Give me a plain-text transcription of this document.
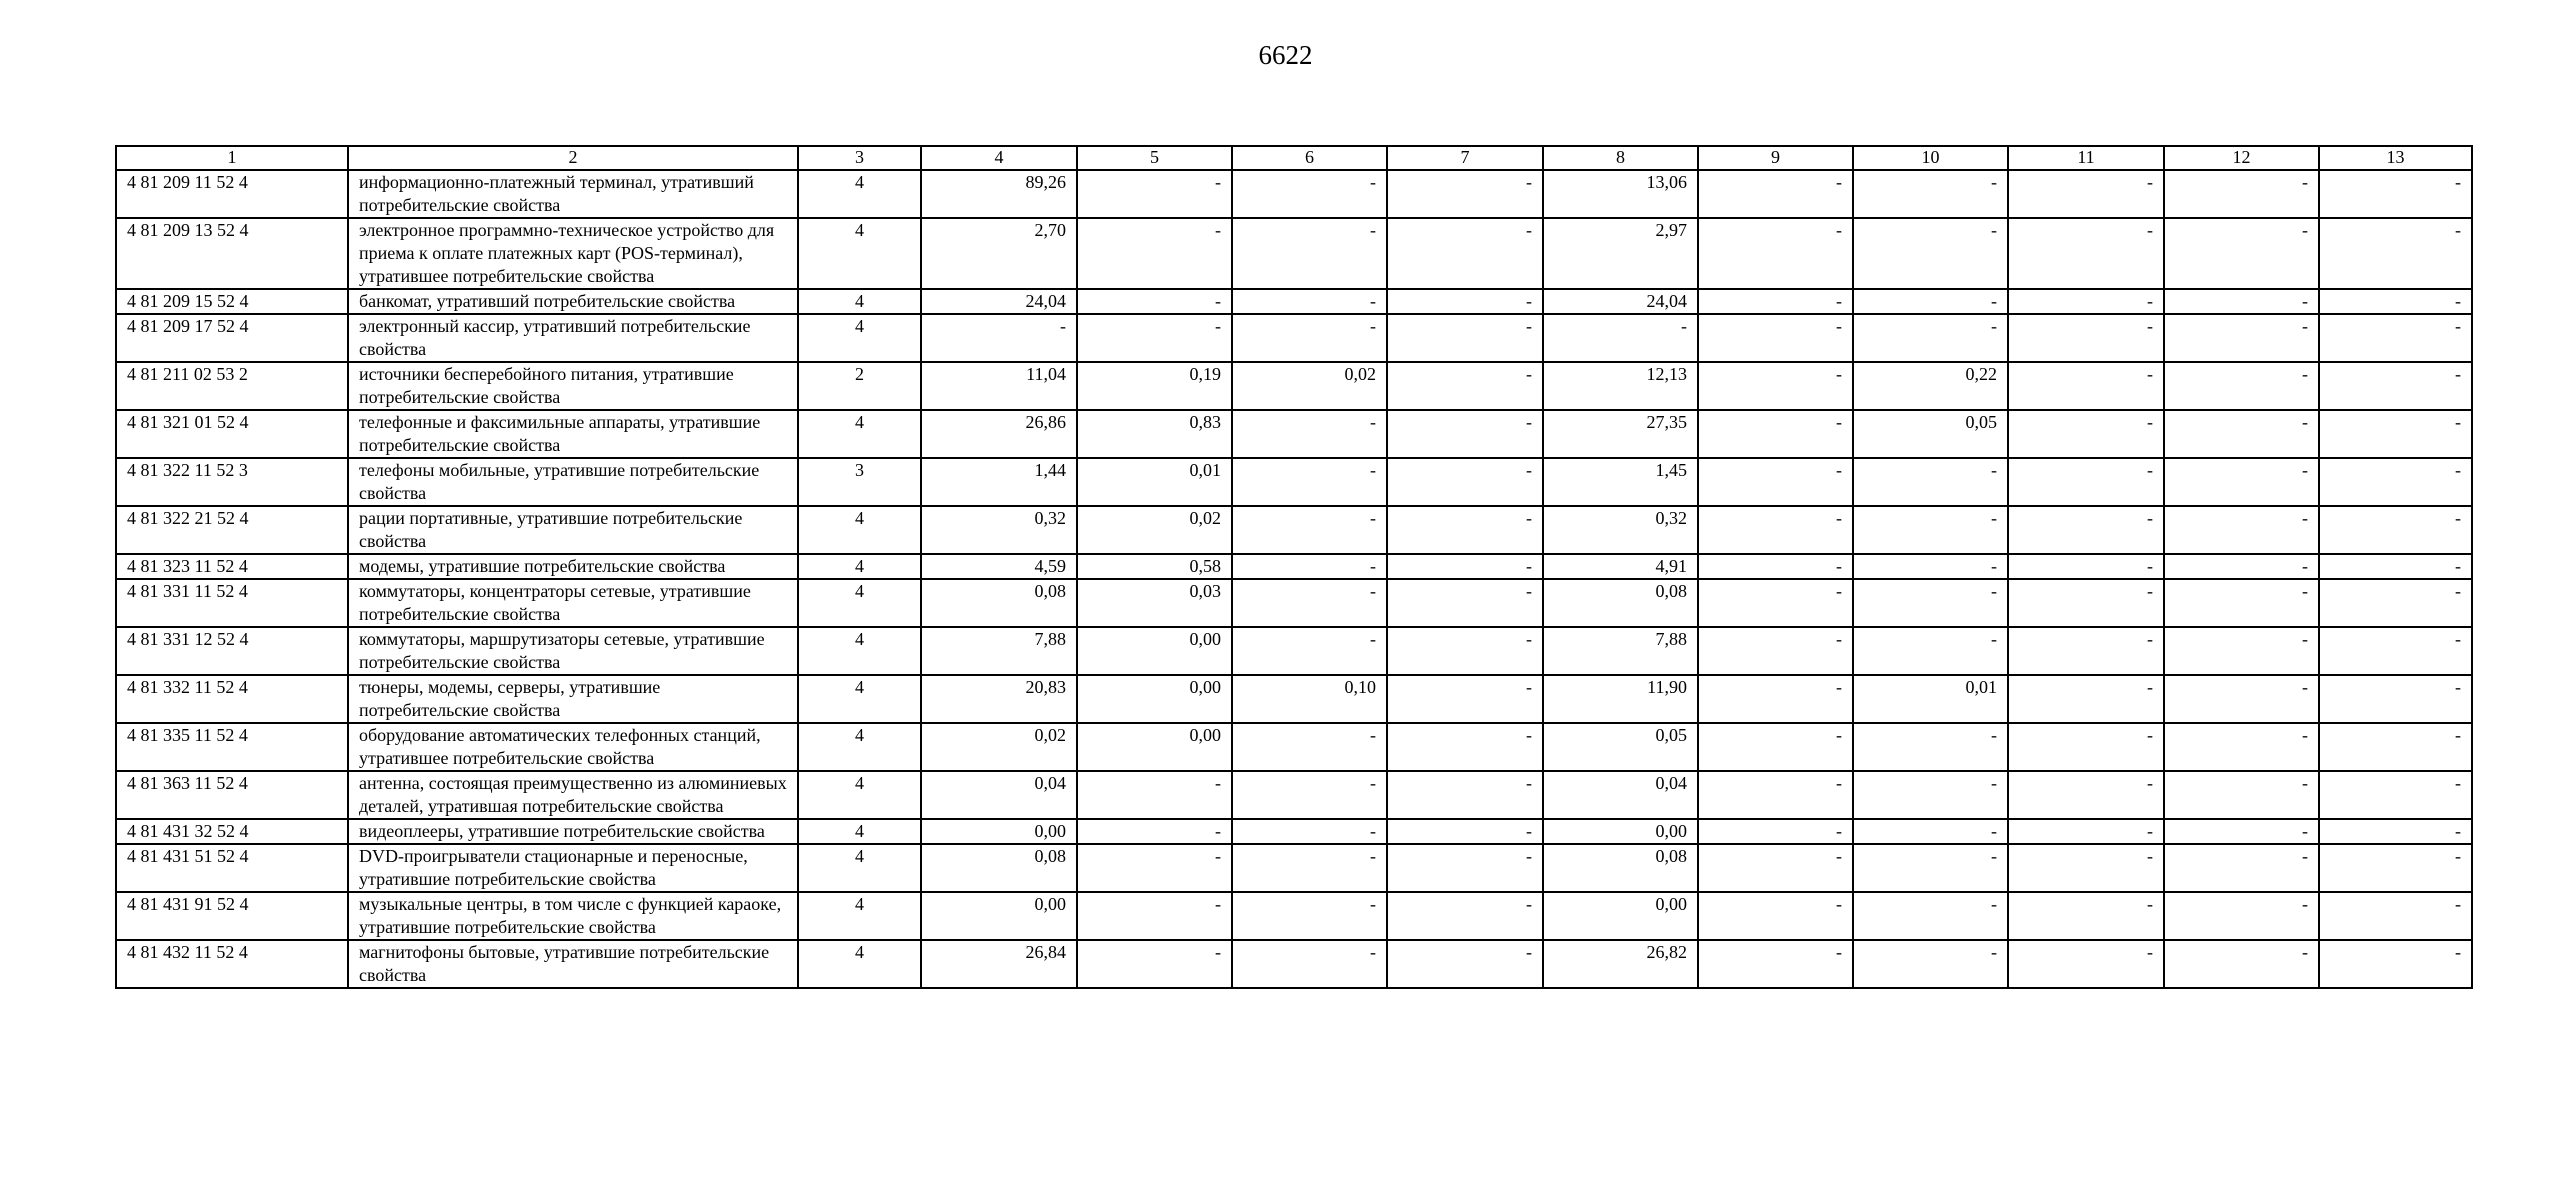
6622
1	2	3	4	5	6	7	8	9	10	11	12	13
4 81 209 11 52 4	информационно-платежный терминал, утративший потребительские свойства	4	89,26	-	-	-	13,06	-	-	-	-	-
4 81 209 13 52 4	электронное программно-техническое устройство для приема к оплате платежных карт (POS-терминал), утратившее потребительские свойства	4	2,70	-	-	-	2,97	-	-	-	-	-
4 81 209 15 52 4	банкомат, утративший потребительские свойства	4	24,04	-	-	-	24,04	-	-	-	-	-
4 81 209 17 52 4	электронный кассир, утративший потребительские свойства	4	-	-	-	-	-	-	-	-	-	-
4 81 211 02 53 2	источники бесперебойного питания, утратившие потребительские свойства	2	11,04	0,19	0,02	-	12,13	-	0,22	-	-	-
4 81 321 01 52 4	телефонные и факсимильные аппараты, утратившие потребительские свойства	4	26,86	0,83	-	-	27,35	-	0,05	-	-	-
4 81 322 11 52 3	телефоны мобильные, утратившие потребительские свойства	3	1,44	0,01	-	-	1,45	-	-	-	-	-
4 81 322 21 52 4	рации портативные, утратившие потребительские свойства	4	0,32	0,02	-	-	0,32	-	-	-	-	-
4 81 323 11 52 4	модемы, утратившие потребительские свойства	4	4,59	0,58	-	-	4,91	-	-	-	-	-
4 81 331 11 52 4	коммутаторы, концентраторы сетевые, утратившие потребительские свойства	4	0,08	0,03	-	-	0,08	-	-	-	-	-
4 81 331 12 52 4	коммутаторы, маршрутизаторы сетевые, утратившие потребительские свойства	4	7,88	0,00	-	-	7,88	-	-	-	-	-
4 81 332 11 52 4	тюнеры, модемы, серверы, утратившие потребительские свойства	4	20,83	0,00	0,10	-	11,90	-	0,01	-	-	-
4 81 335 11 52 4	оборудование автоматических телефонных станций, утратившее потребительские свойства	4	0,02	0,00	-	-	0,05	-	-	-	-	-
4 81 363 11 52 4	антенна, состоящая преимущественно из алюминиевых деталей, утратившая потребительские свойства	4	0,04	-	-	-	0,04	-	-	-	-	-
4 81 431 32 52 4	видеоплееры, утратившие потребительские свойства	4	0,00	-	-	-	0,00	-	-	-	-	-
4 81 431 51 52 4	DVD-проигрыватели стационарные и переносные, утратившие потребительские свойства	4	0,08	-	-	-	0,08	-	-	-	-	-
4 81 431 91 52 4	музыкальные центры, в том числе с функцией караоке, утратившие потребительские свойства	4	0,00	-	-	-	0,00	-	-	-	-	-
4 81 432 11 52 4	магнитофоны бытовые, утратившие потребительские свойства	4	26,84	-	-	-	26,82	-	-	-	-	-
